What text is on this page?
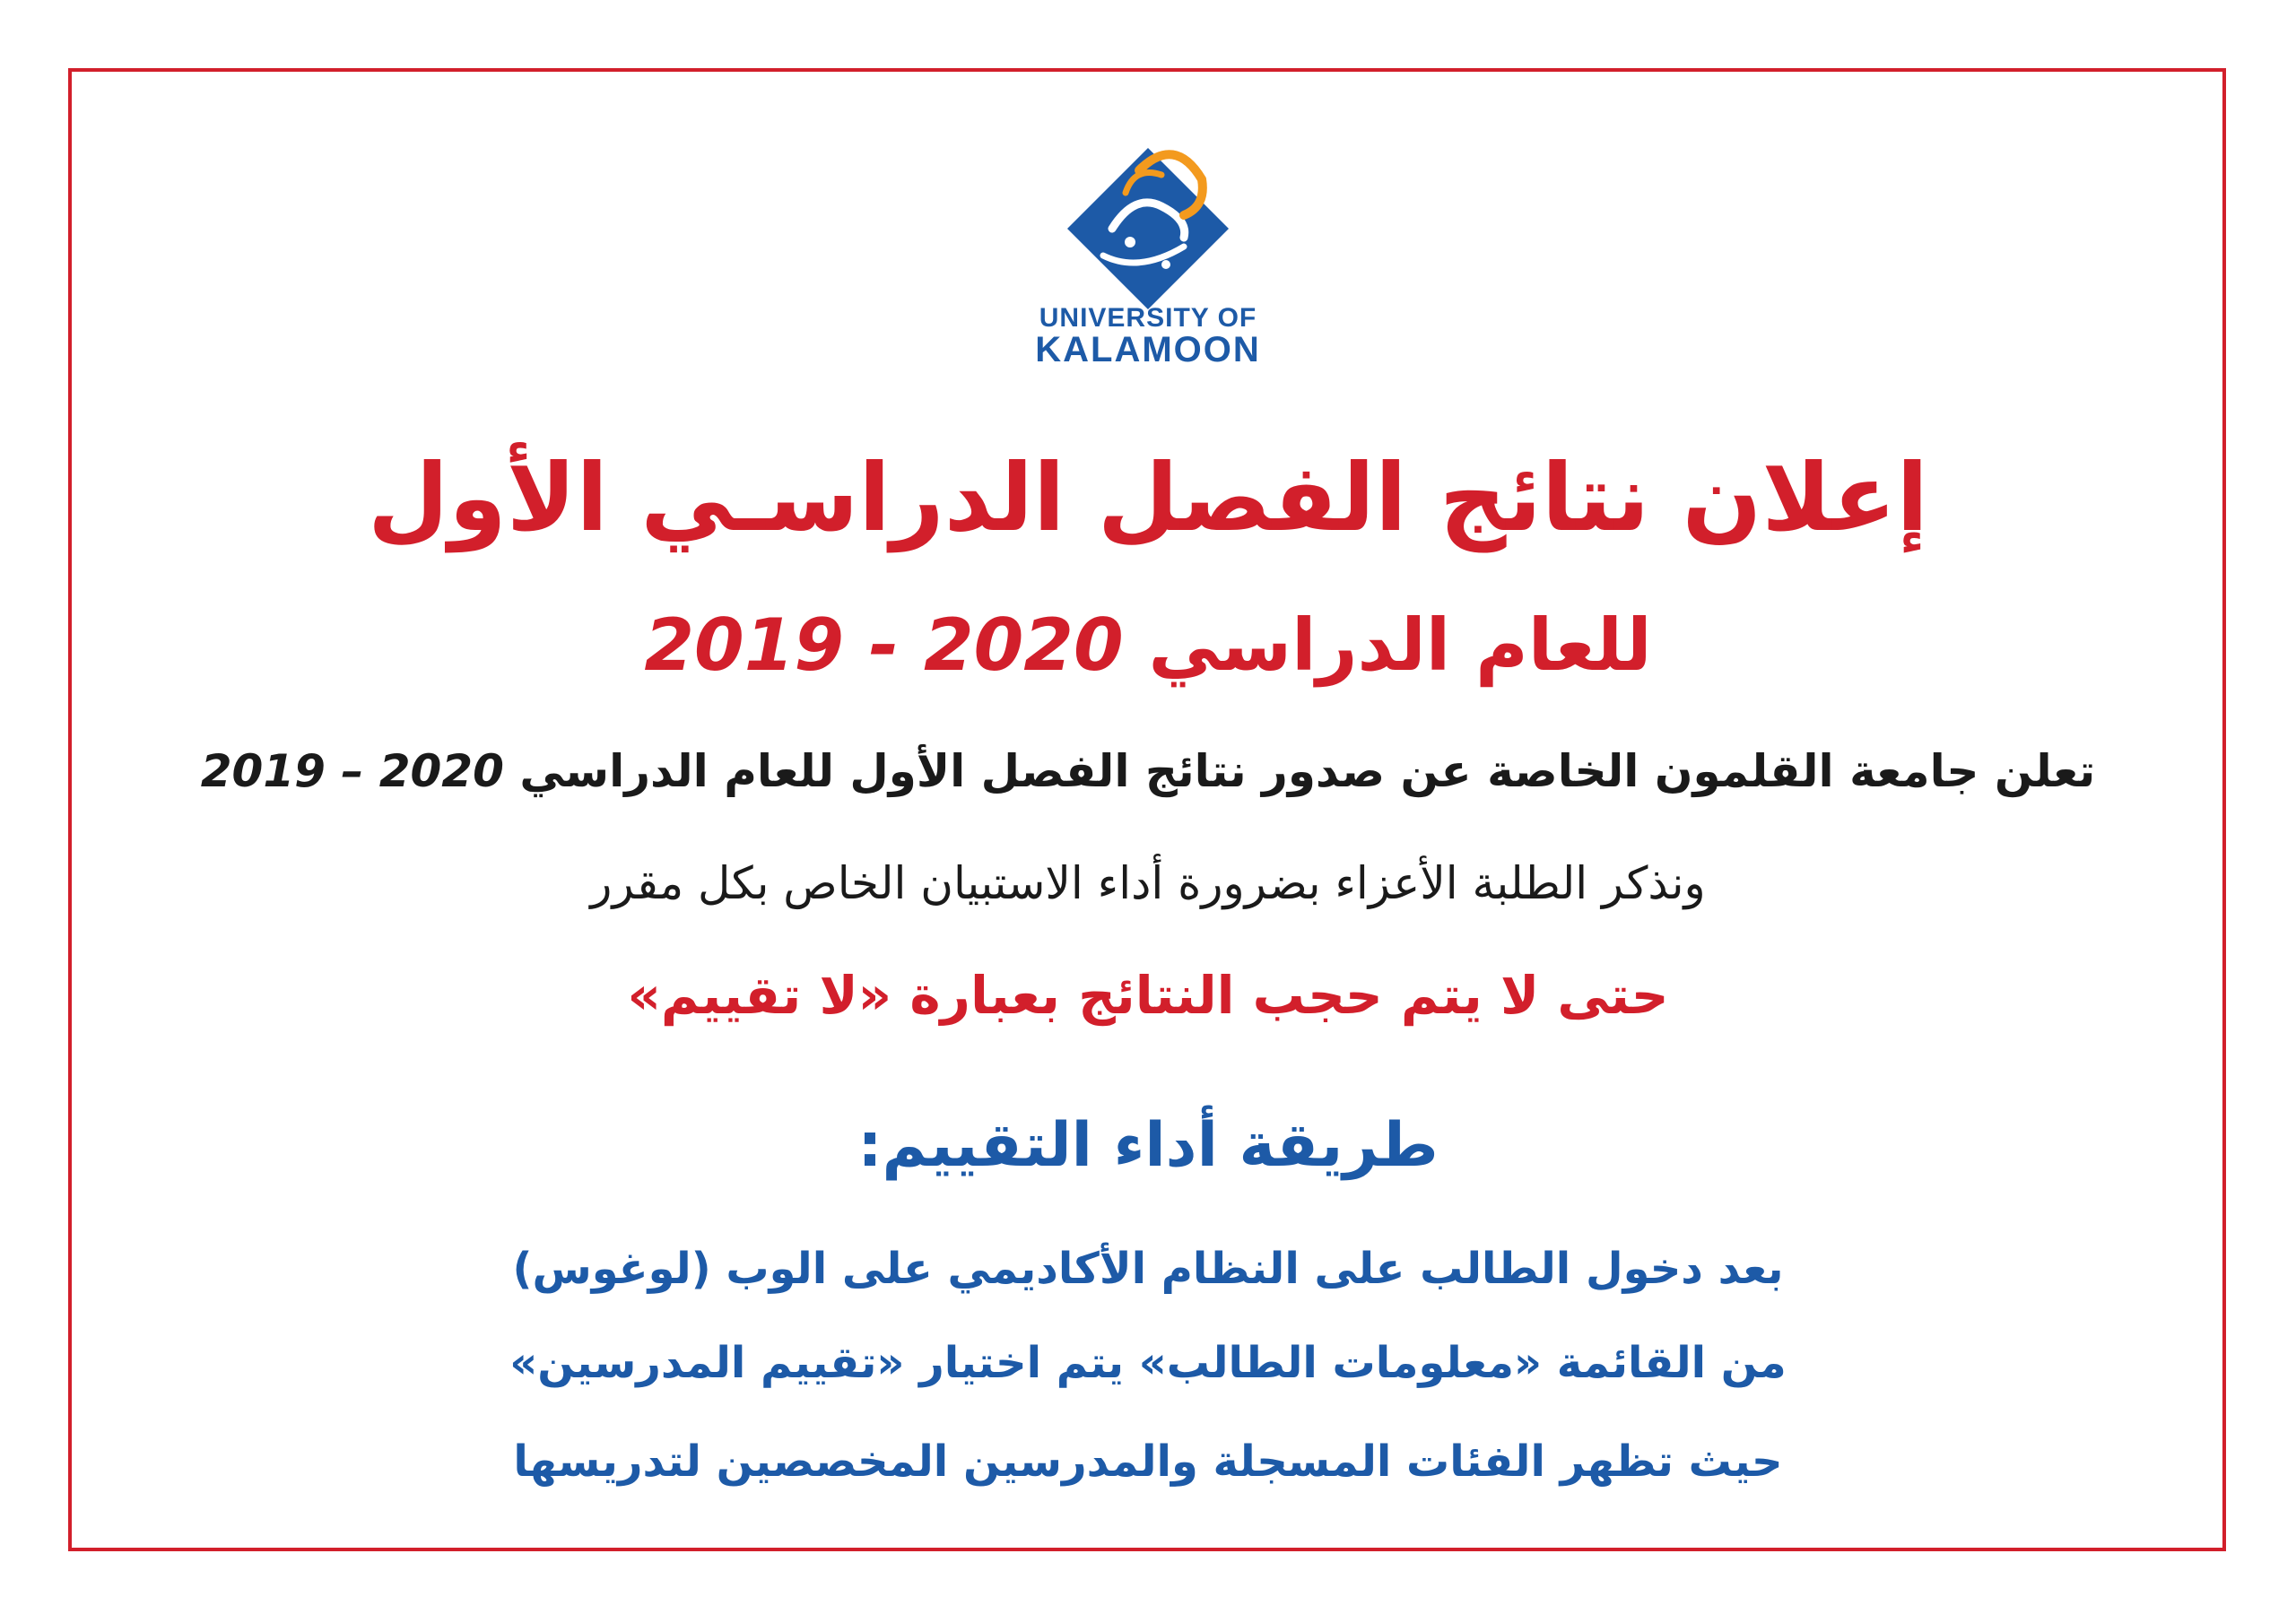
UNIVERSITY OF
KALAMOON
إعلان نتائج الفصل الدراسـي الأول
للعام الدراسي 2019 - 2020
تعلن جامعة القلمون الخاصة عن صدور نتائج الفصل الأول للعام الدراسي 2019 – 2020
ونذكر الطلبة الأعزاء بضرورة أداء الاستبيان الخاص بكل مقرر
حتى لا يتم حجب النتائج بعبارة «لا تقييم»
طريقة أداء التقييم:
بعد دخول الطالب على النظام الأكاديمي على الوب (لوغوس)
من القائمة «معلومات الطالب» يتم اختيار «تقييم المدرسين»
حيث تظهر الفئات المسجلة والمدرسين المخصصين لتدريسها
